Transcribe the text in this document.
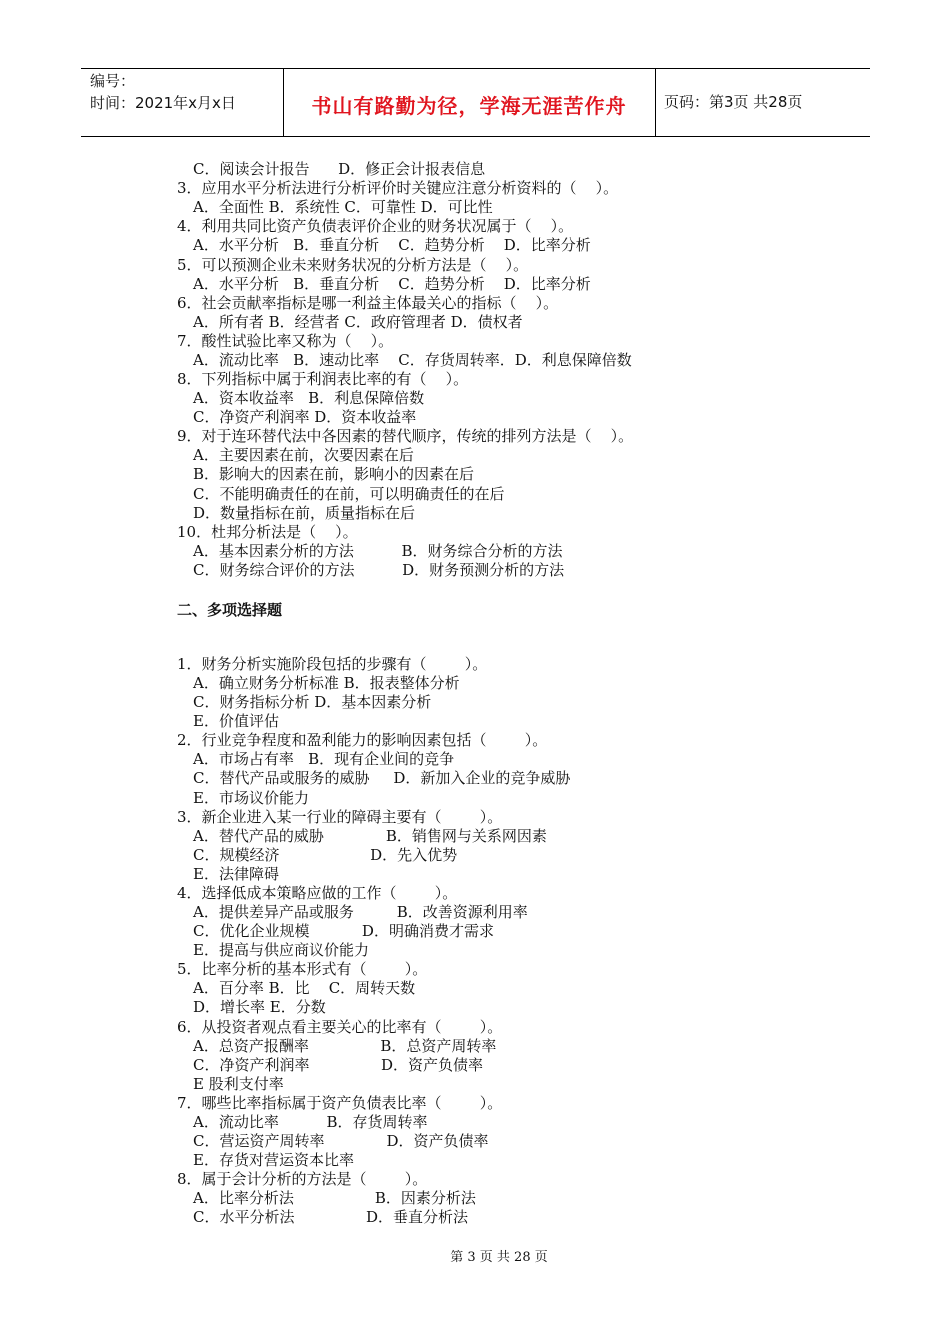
编号：
时间：2021年x月x日	书山有路勤为径，学海无涯苦作舟	页码：第3页 共28页
C．阅读会计报告      D．修正会计报表信息
3．应用水平分析法进行分析评价时关键应注意分析资料的（    ）。
A．全面性 B．系统性 C．可靠性 D．可比性
4．利用共同比资产负债表评价企业的财务状况属于（    ）。
A．水平分析   B．垂直分析    C．趋势分析    D．比率分析
5．可以预测企业未来财务状况的分析方法是（    ）。
A．水平分析   B．垂直分析    C．趋势分析    D．比率分析
6．社会贡献率指标是哪一利益主体最关心的指标（    ）。
A．所有者 B．经营者 C．政府管理者 D．债权者
7．酸性试验比率又称为（    ）。
A．流动比率   B．速动比率    C．存货周转率．D．利息保障倍数
8．下列指标中属于利润表比率的有（    ）。
A．资本收益率   B．利息保障倍数
C．净资产利润率 D．资本收益率
9．对于连环替代法中各因素的替代顺序，传统的排列方法是（    ）。
A．主要因素在前，次要因素在后
B．影响大的因素在前，影响小的因素在后
C．不能明确责任的在前，可以明确责任的在后
D．数量指标在前，质量指标在后
10．杜邦分析法是（    ）。
A．基本因素分析的方法          B．财务综合分析的方法
C．财务综合评价的方法          D．财务预测分析的方法
1．财务分析实施阶段包括的步骤有（        ）。
A．确立财务分析标准 B．报表整体分析
C．财务指标分析 D．基本因素分析
E．价值评估
2．行业竞争程度和盈利能力的影响因素包括（        ）。
A．市场占有率   B．现有企业间的竞争
C．替代产品或服务的威胁     D．新加入企业的竞争威胁
E．市场议价能力
3．新企业进入某一行业的障碍主要有（        ）。
A．替代产品的威胁             B．销售网与关系网因素
C．规模经济                   D．先入优势
E．法律障碍
4．选择低成本策略应做的工作（        ）。
A．提供差异产品或服务         B．改善资源利用率
C．优化企业规模           D．明确消费才需求
E．提高与供应商议价能力
5．比率分析的基本形式有（        ）。
A．百分率 B．比    C．周转天数
D．增长率 E．分数
6．从投资者观点看主要关心的比率有（        ）。
A．总资产报酬率               B．总资产周转率
C．净资产利润率               D．资产负债率
E 股利支付率
7．哪些比率指标属于资产负债表比率（        ）。
A．流动比率          B．存货周转率
C．营运资产周转率             D．资产负债率
E．存货对营运资本比率
8．属于会计分析的方法是（        ）。
A．比率分析法                 B．因素分析法
C．水平分析法               D．垂直分析法
二、多项选择题
第 3 页 共 28 页
